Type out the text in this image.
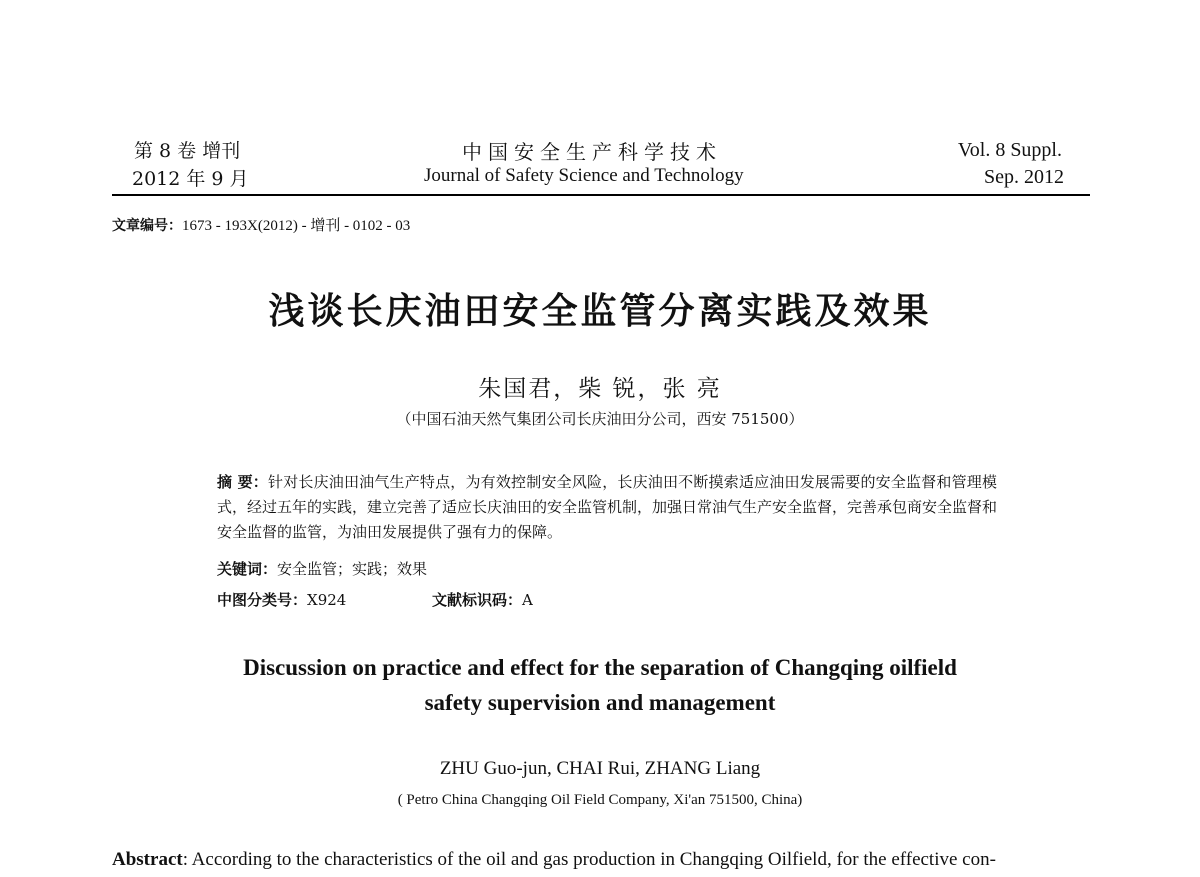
第 8 卷 增刊
2012 年 9 月
中国安全生产科学技术
Journal of Safety Science and Technology
Vol. 8 Suppl.
Sep. 2012
文章编号：1673 - 193X(2012) - 增刊 - 0102 - 03
浅谈长庆油田安全监管分离实践及效果
朱国君，柴 锐，张 亮
（中国石油天然气集团公司长庆油田分公司，西安 751500）
摘 要：针对长庆油田油气生产特点，为有效控制安全风险，长庆油田不断摸索适应油田发展需要的安全监督和管理模式，经过五年的实践，建立完善了适应长庆油田的安全监管机制，加强日常油气生产安全监督，完善承包商安全监督和安全监督的监管，为油田发展提供了强有力的保障。
关键词：安全监管；实践；效果
中图分类号：X924	文献标识码：A
Discussion on practice and effect for the separation of Changqing oilfield
safety supervision and management
ZHU Guo-jun, CHAI Rui, ZHANG Liang
( Petro China Changqing Oil Field Company, Xi'an 751500, China)
Abstract: According to the characteristics of the oil and gas production in Changqing Oilfield, for the effective con-
